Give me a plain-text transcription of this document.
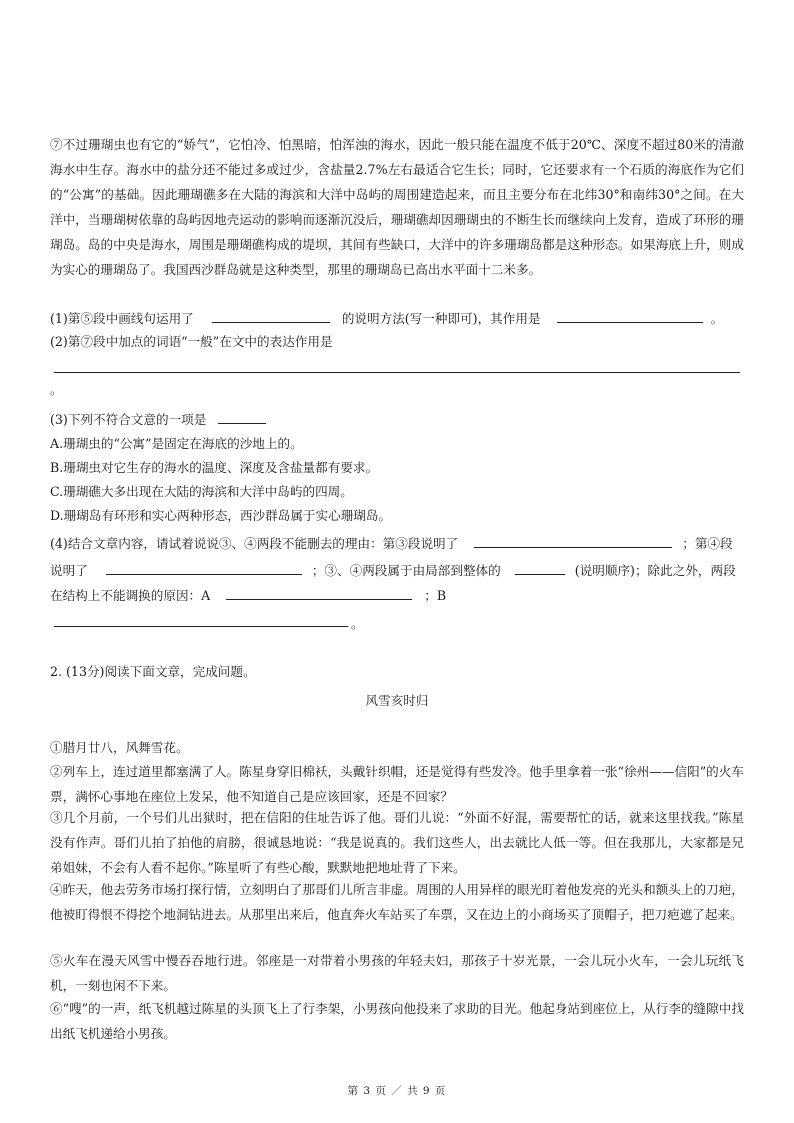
⑦不过珊瑚虫也有它的“娇气”，它怕冷、怕黑暗，怕浑浊的海水，因此一般只能在温度不低于20℃、深度不超过80米的清澈海水中生存。海水中的盐分还不能过多或过少，含盐量2.7%左右最适合它生长；同时，它还要求有一个石质的海底作为它们的“公寓”的基础。因此珊瑚礁多在大陆的海滨和大洋中岛屿的周围建造起来，而且主要分布在北纬30°和南纬30°之间。在大洋中，当珊瑚树依靠的岛屿因地壳运动的影响而逐渐沉没后，珊瑚礁却因珊瑚虫的不断生长而继续向上发育，造成了环形的珊瑚岛。岛的中央是海水，周围是珊瑚礁构成的堤坝，其间有些缺口，大洋中的许多珊瑚岛都是这种形态。如果海底上升，则成为实心的珊瑚岛了。我国西沙群岛就是这种类型，那里的珊瑚岛已高出水平面十二米多。

(1)第⑤段中画线句运用了	的说明方法(写一种即可)，其作用是	。

(2)第⑦段中加点的词语“一般”在文中的表达作用是

。

(3)下列不符合文意的一项是

A.珊瑚虫的“公寓”是固定在海底的沙地上的。

B.珊瑚虫对它生存的海水的温度、深度及含盐量都有要求。

C.珊瑚礁大多出现在大陆的海滨和大洋中岛屿的四周。

D.珊瑚岛有环形和实心两种形态，西沙群岛属于实心珊瑚岛。

(4)结合文章内容，请试着说说③、④两段不能删去的理由：第③段说明了	；第④段

说明了	；③、④两段属于由局部到整体的	(说明顺序)；除此之外，两段

在结构上不能调换的原因：A	；B

。

2. (13分)阅读下面文章，完成问题。

风雪亥时归

①腊月廿八，风舞雪花。

②列车上，连过道里都塞满了人。陈星身穿旧棉袄，头戴针织帽，还是觉得有些发冷。他手里拿着一张“徐州——信阳”的火车票，满怀心事地在座位上发呆，他不知道自己是应该回家，还是不回家？

③几个月前，一个号们儿出狱时，把在信阳的住址告诉了他。哥们儿说：“外面不好混，需要帮忙的话，就来这里找我。”陈星没有作声。哥们儿拍了拍他的肩膀，很诚恳地说：“我是说真的。我们这些人，出去就比人低一等。但在我那儿，大家都是兄弟姐妹，不会有人看不起你。”陈星听了有些心酸，默默地把地址背了下来。

④昨天，他去劳务市场打探行情，立刻明白了那哥们儿所言非虚。周围的人用异样的眼光盯着他发亮的光头和额头上的刀疤，他被盯得恨不得挖个地洞钻进去。从那里出来后，他直奔火车站买了车票，又在边上的小商场买了顶帽子，把刀疤遮了起来。

⑤火车在漫天风雪中慢吞吞地行进。邻座是一对带着小男孩的年轻夫妇，那孩子十岁光景，一会儿玩小火车，一会儿玩纸飞机，一刻也闲不下来。

⑥“嗖”的一声，纸飞机越过陈星的头顶飞上了行李架，小男孩向他投来了求助的目光。他起身站到座位上，从行李的缝隙中找出纸飞机递给小男孩。

第 3 页 ／ 共 9 页
